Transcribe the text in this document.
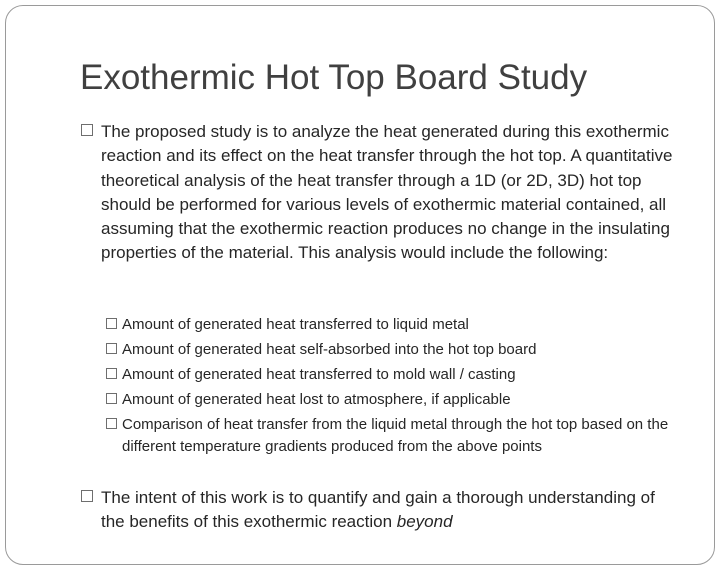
Exothermic Hot Top Board Study
The proposed study is to analyze the heat generated during this exothermic reaction and its effect on the heat transfer through the hot top. A quantitative theoretical analysis of the heat transfer through a 1D (or 2D, 3D) hot top should be performed for various levels of exothermic material contained, all assuming that the exothermic reaction produces no change in the insulating properties of the material. This analysis would include the following:
Amount of generated heat transferred to liquid metal
Amount of generated heat self-absorbed into the hot top board
Amount of generated heat transferred to mold wall / casting
Amount of generated heat lost to atmosphere, if applicable
Comparison of heat transfer from the liquid metal through the hot top based on the different temperature gradients produced from the above points
The intent of this work is to quantify and gain a thorough understanding of the benefits of this exothermic reaction beyond
